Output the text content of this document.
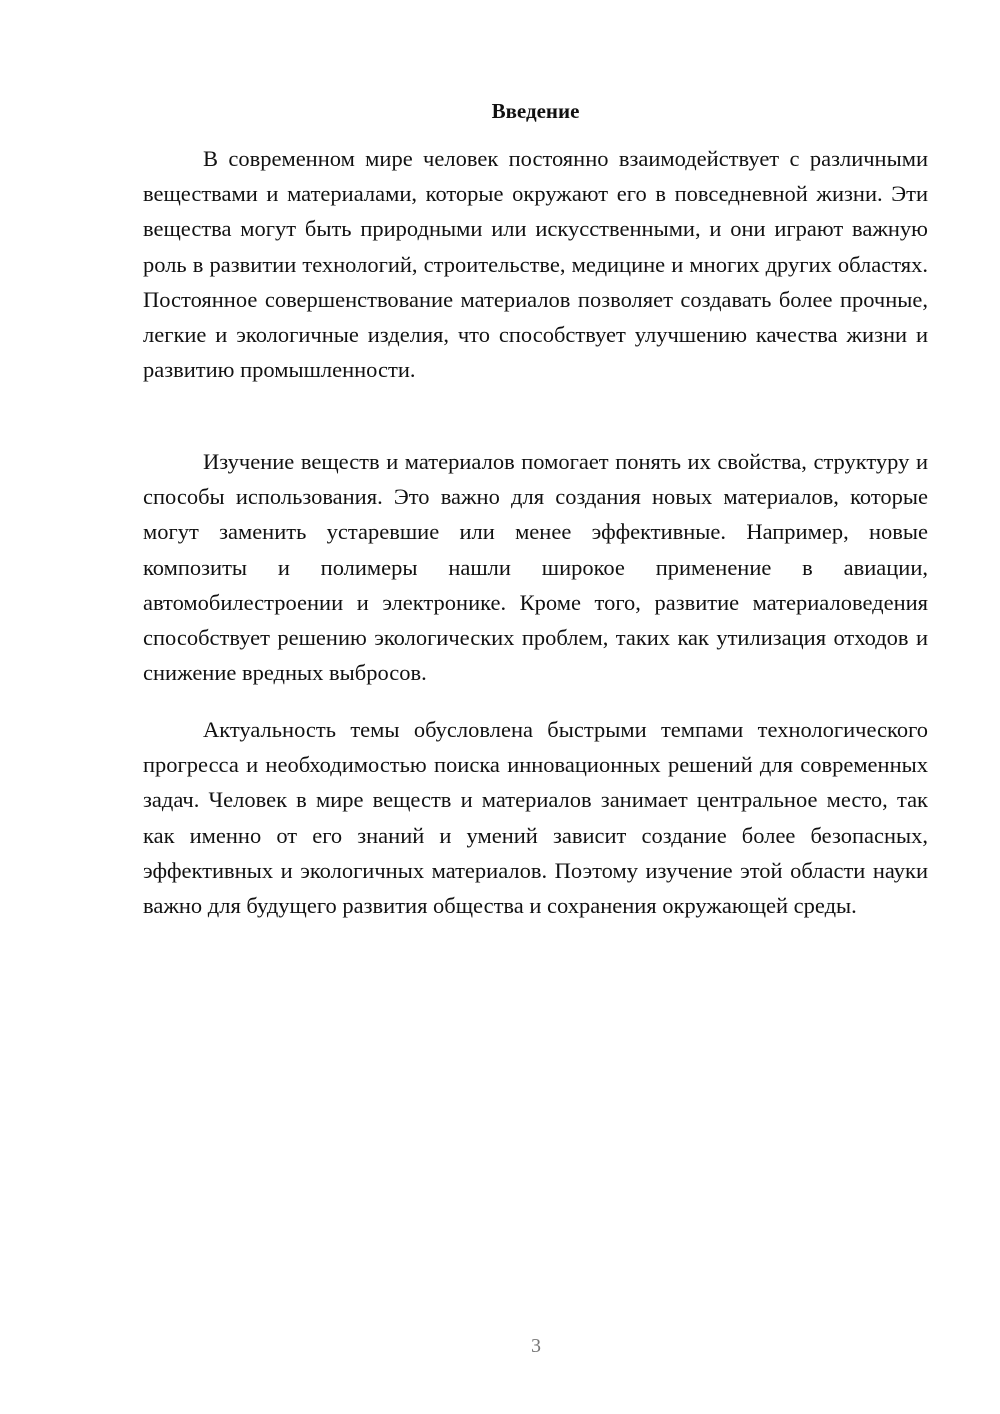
Введение

В современном мире человек постоянно взаимодействует с различными веществами и материалами, которые окружают его в повседневной жизни. Эти вещества могут быть природными или искусственными, и они играют важную роль в развитии технологий, строительстве, медицине и многих других областях. Постоянное совершенствование материалов позволяет создавать более прочные, легкие и экологичные изделия, что способствует улучшению качества жизни и развитию промышленности.

Изучение веществ и материалов помогает понять их свойства, структуру и способы использования. Это важно для создания новых материалов, которые могут заменить устаревшие или менее эффективные. Например, новые композиты и полимеры нашли широкое применение в авиации, автомобилестроении и электронике. Кроме того, развитие материаловедения способствует решению экологических проблем, таких как утилизация отходов и снижение вредных выбросов.

Актуальность темы обусловлена быстрыми темпами технологического прогресса и необходимостью поиска инновационных решений для современных задач. Человек в мире веществ и материалов занимает центральное место, так как именно от его знаний и умений зависит создание более безопасных, эффективных и экологичных материалов. Поэтому изучение этой области науки важно для будущего развития общества и сохранения окружающей среды.

3
